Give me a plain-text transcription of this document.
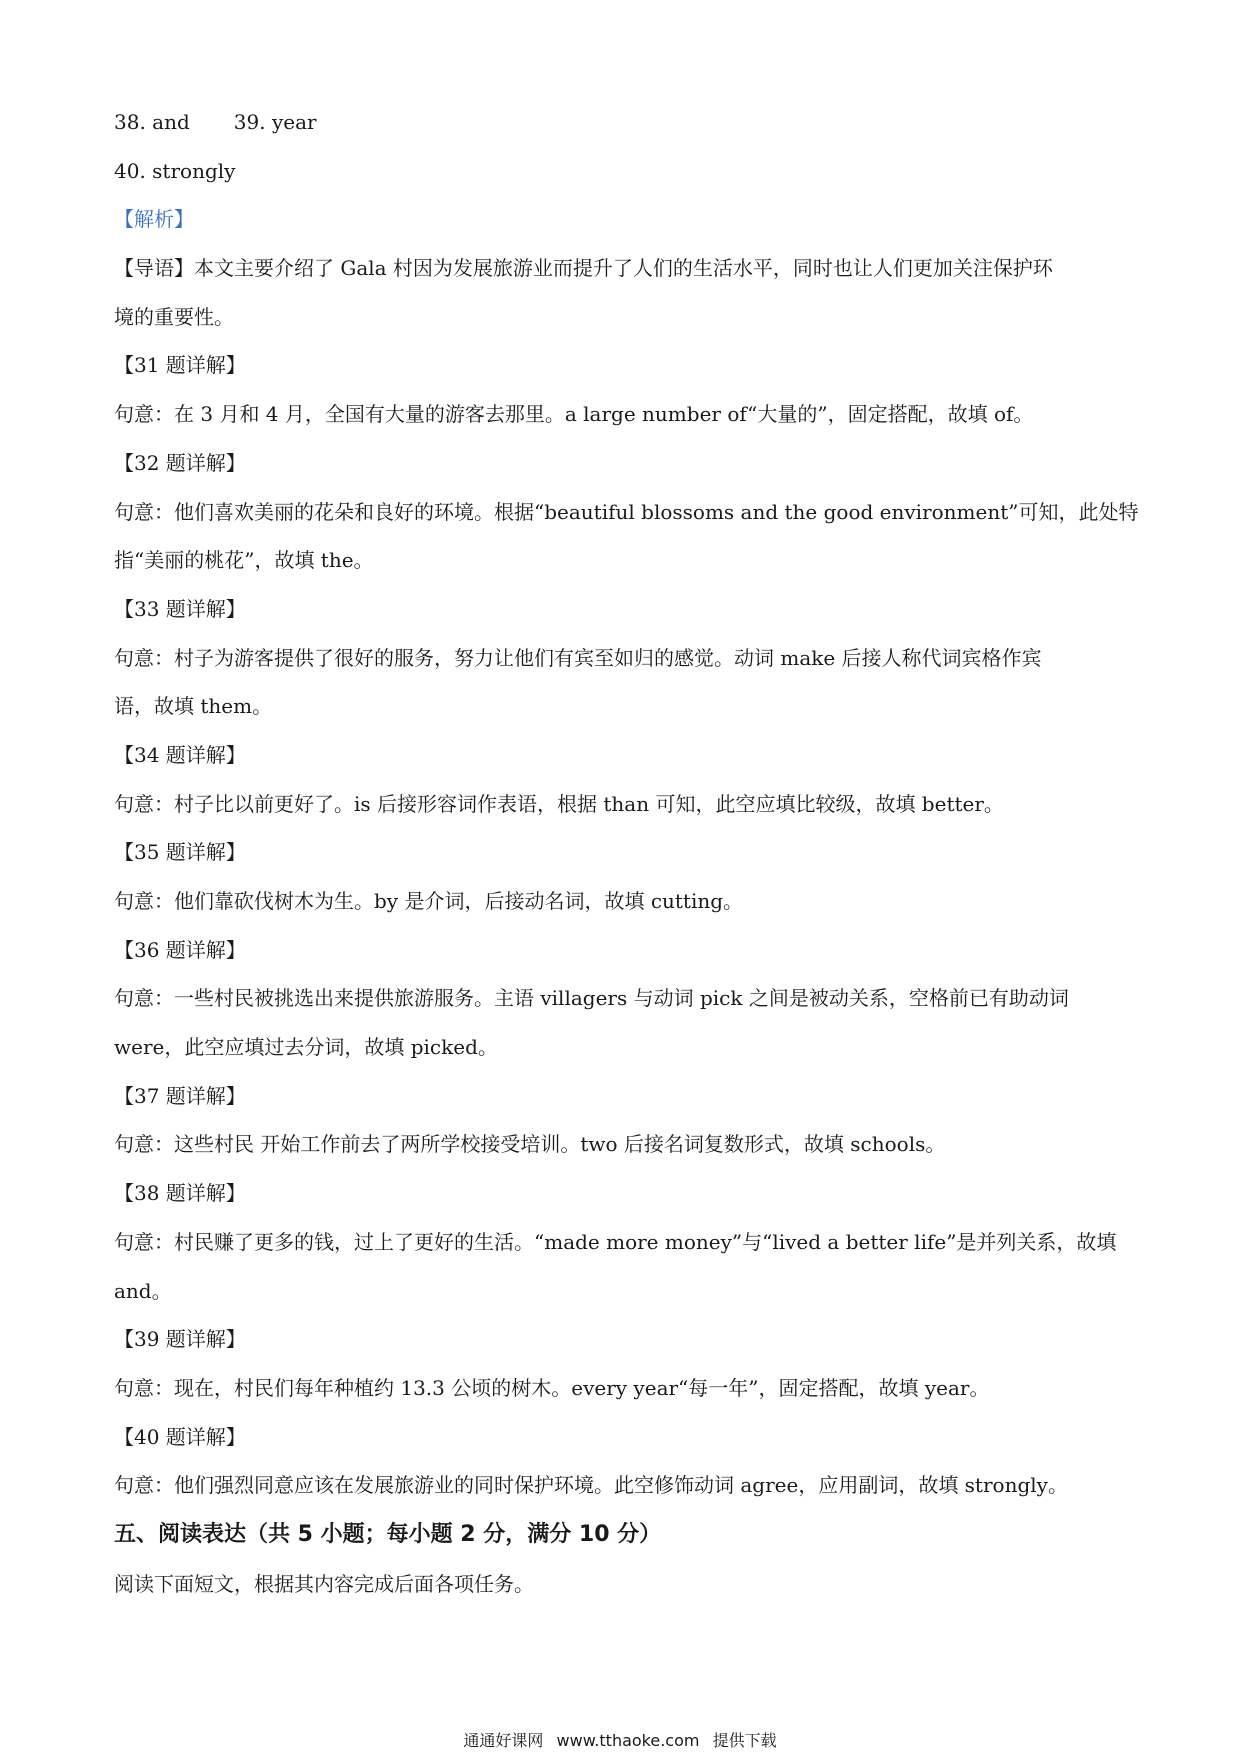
38. and 39. year
40. strongly
【解析】
【导语】本文主要介绍了 Gala 村因为发展旅游业而提升了人们的生活水平，同时也让人们更加关注保护环
境的重要性。
【31 题详解】
句意：在 3 月和 4 月，全国有大量的游客去那里。a large number of“大量的”，固定搭配，故填 of。
【32 题详解】
句意：他们喜欢美丽的花朵和良好的环境。根据“beautiful blossoms and the good environment”可知，此处特
指“美丽的桃花”，故填 the。
【33 题详解】
句意：村子为游客提供了很好的服务，努力让他们有宾至如归的感觉。动词 make 后接人称代词宾格作宾
语，故填 them。
【34 题详解】
句意：村子比以前更好了。is 后接形容词作表语，根据 than 可知，此空应填比较级，故填 better。
【35 题详解】
句意：他们靠砍伐树木为生。by 是介词，后接动名词，故填 cutting。
【36 题详解】
句意：一些村民被挑选出来提供旅游服务。主语 villagers 与动词 pick 之间是被动关系，空格前已有助动词
were，此空应填过去分词，故填 picked。
【37 题详解】
句意：这些村民 开始工作前去了两所学校接受培训。two 后接名词复数形式，故填 schools。
【38 题详解】
句意：村民赚了更多的钱，过上了更好的生活。“made more money”与“lived a better life”是并列关系，故填
and。
【39 题详解】
句意：现在，村民们每年种植约 13.3 公顷的树木。every year“每一年”，固定搭配，故填 year。
【40 题详解】
句意：他们强烈同意应该在发展旅游业的同时保护环境。此空修饰动词 agree，应用副词，故填 strongly。
五、阅读表达（共 5 小题；每小题 2 分，满分 10 分）
阅读下面短文，根据其内容完成后面各项任务。
通通好课网 www.tthaoke.com 提供下载
